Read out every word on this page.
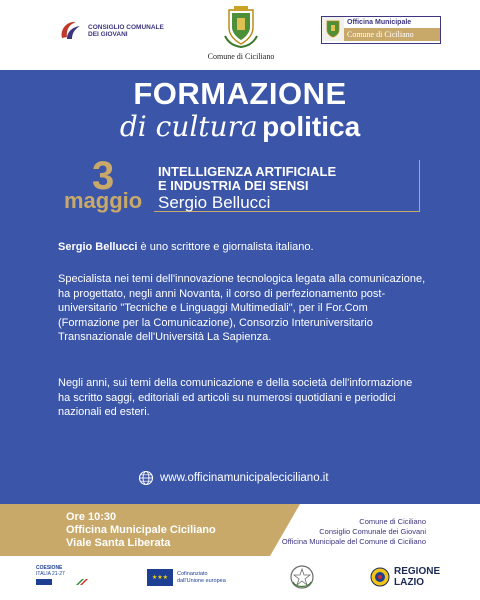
CONSIGLIO COMUNALE
DEI GIOVANI
Comune di Ciciliano
Officina Municipale
Comune di Ciciliano
FORMAZIONE
di cultura politica
3
maggio
INTELLIGENZA ARTIFICIALE
E INDUSTRIA DEI SENSI
Sergio Bellucci

Sergio Bellucci è uno scrittore e giornalista italiano.

Specialista nei temi dell'innovazione tecnologica legata alla comunicazione, ha progettato, negli anni Novanta, il corso di perfezionamento post-universitario "Tecniche e Linguaggi Multimediali", per il For.Com (Formazione per la Comunicazione), Consorzio Interuniversitario Transnazionale dell'Università La Sapienza.

Negli anni, sui temi della comunicazione e della società dell'informazione ha scritto saggi, editoriali ed articoli su numerosi quotidiani e periodici nazionali ed esteri.

www.officinamunicipaleciciliano.it
Ore 10:30
Officina Municipale Ciciliano
Viale Santa Liberata
Comune di Ciciliano
Consiglio Comunale dei Giovani
Officina Municipale del Comune di Ciciliano
COESIONE
ITALIA 21-27
★★★
Cofinanziato
dall'Unione europea
REGIONE
LAZIO
